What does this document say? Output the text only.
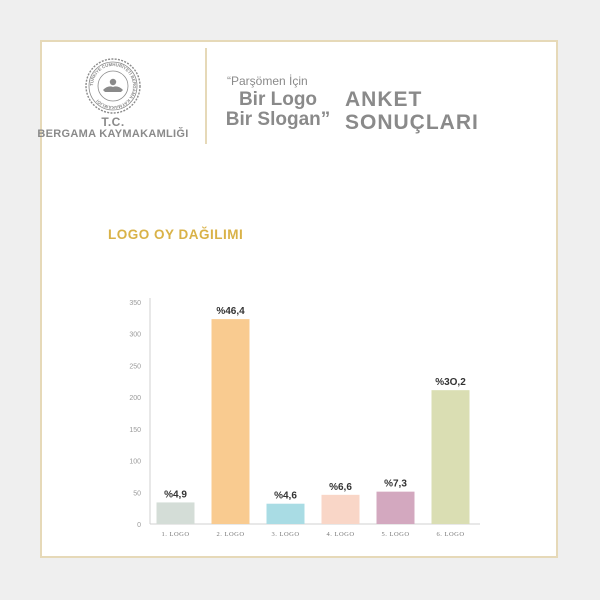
TÜRKİYE CUMHURİYETİ BERGAMA KAYMAKAMLIĞI
T.C.
BERGAMA KAYMAKAMLIĞI
“Parşömen İçin
Bir Logo
Bir Slogan”
ANKET
SONUÇLARI
LOGO OY DAĞILIMI
0
50
100
150
200
250
300
350
%4,9
1. LOGO
%46,4
2. LOGO
%4,6
3. LOGO
%6,6
4. LOGO
%7,3
5. LOGO
%3O,2
6. LOGO
